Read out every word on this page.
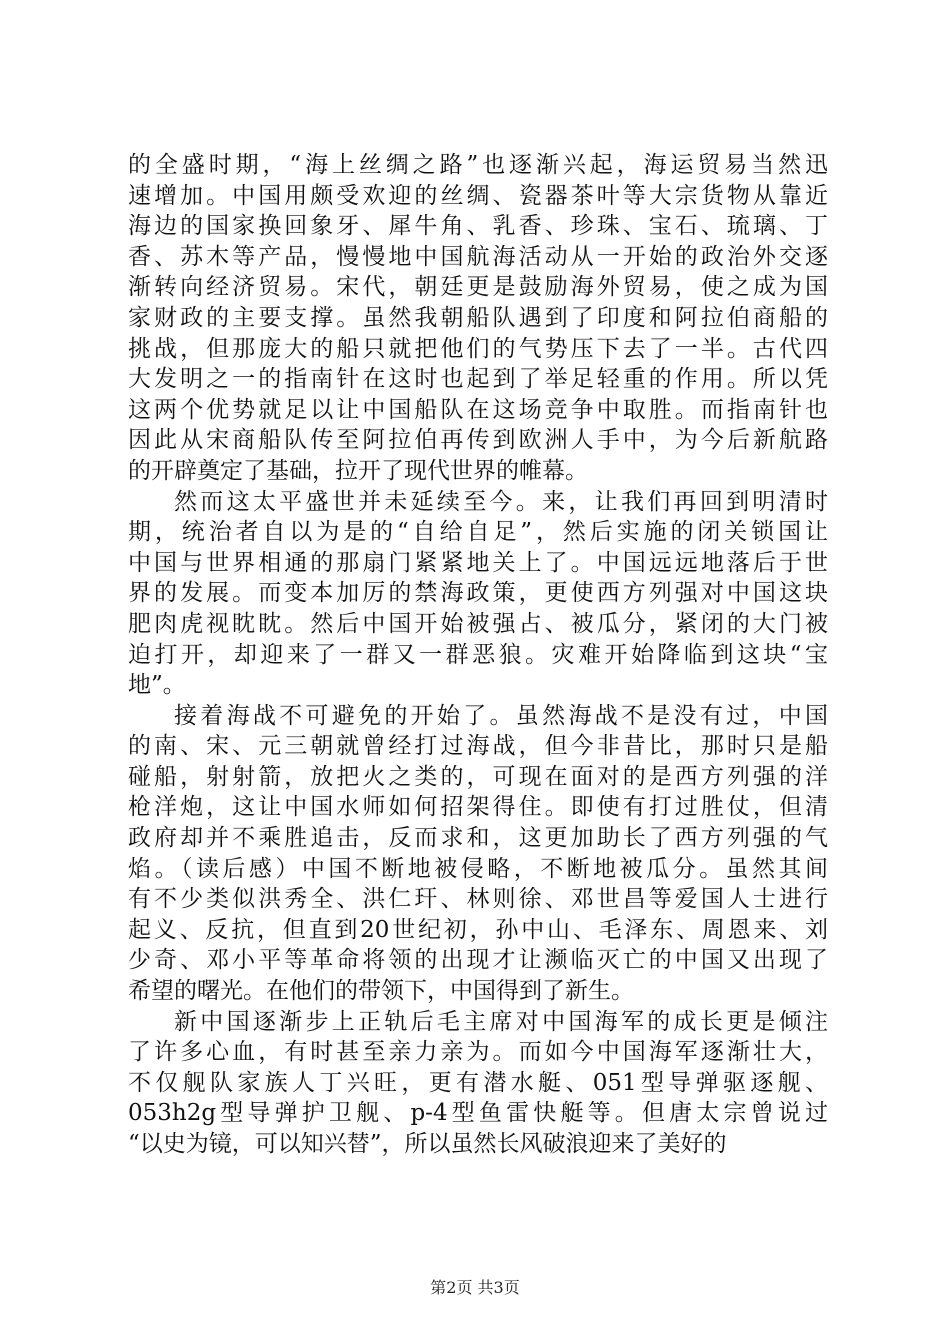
的全盛时期，“海上丝绸之路”也逐渐兴起，海运贸易当然迅
速增加。中国用颇受欢迎的丝绸、瓷器茶叶等大宗货物从靠近
海边的国家换回象牙、犀牛角、乳香、珍珠、宝石、琉璃、丁
香、苏木等产品，慢慢地中国航海活动从一开始的政治外交逐
渐转向经济贸易。宋代，朝廷更是鼓励海外贸易，使之成为国
家财政的主要支撑。虽然我朝船队遇到了印度和阿拉伯商船的
挑战，但那庞大的船只就把他们的气势压下去了一半。古代四
大发明之一的指南针在这时也起到了举足轻重的作用。所以凭
这两个优势就足以让中国船队在这场竞争中取胜。而指南针也
因此从宋商船队传至阿拉伯再传到欧洲人手中，为今后新航路
的开辟奠定了基础，拉开了现代世界的帷幕。
然而这太平盛世并未延续至今。来，让我们再回到明清时
期，统治者自以为是的“自给自足”，然后实施的闭关锁国让
中国与世界相通的那扇门紧紧地关上了。中国远远地落后于世
界的发展。而变本加厉的禁海政策，更使西方列强对中国这块
肥肉虎视眈眈。然后中国开始被强占、被瓜分，紧闭的大门被
迫打开，却迎来了一群又一群恶狼。灾难开始降临到这块“宝
地”。
接着海战不可避免的开始了。虽然海战不是没有过，中国
的南、宋、元三朝就曾经打过海战，但今非昔比，那时只是船
碰船，射射箭，放把火之类的，可现在面对的是西方列强的洋
枪洋炮，这让中国水师如何招架得住。即使有打过胜仗，但清
政府却并不乘胜追击，反而求和，这更加助长了西方列强的气
焰。（读后感）中国不断地被侵略，不断地被瓜分。虽然其间
有不少类似洪秀全、洪仁玕、林则徐、邓世昌等爱国人士进行
起义、反抗，但直到20世纪初，孙中山、毛泽东、周恩来、刘
少奇、邓小平等革命将领的出现才让濒临灭亡的中国又出现了
希望的曙光。在他们的带领下，中国得到了新生。
新中国逐渐步上正轨后毛主席对中国海军的成长更是倾注
了许多心血，有时甚至亲力亲为。而如今中国海军逐渐壮大，
不仅舰队家族人丁兴旺，更有潜水艇、051型导弹驱逐舰、
053h2g型导弹护卫舰、p-4型鱼雷快艇等。但唐太宗曾说过
“以史为镜，可以知兴替”，所以虽然长风破浪迎来了美好的
第2页 共3页
